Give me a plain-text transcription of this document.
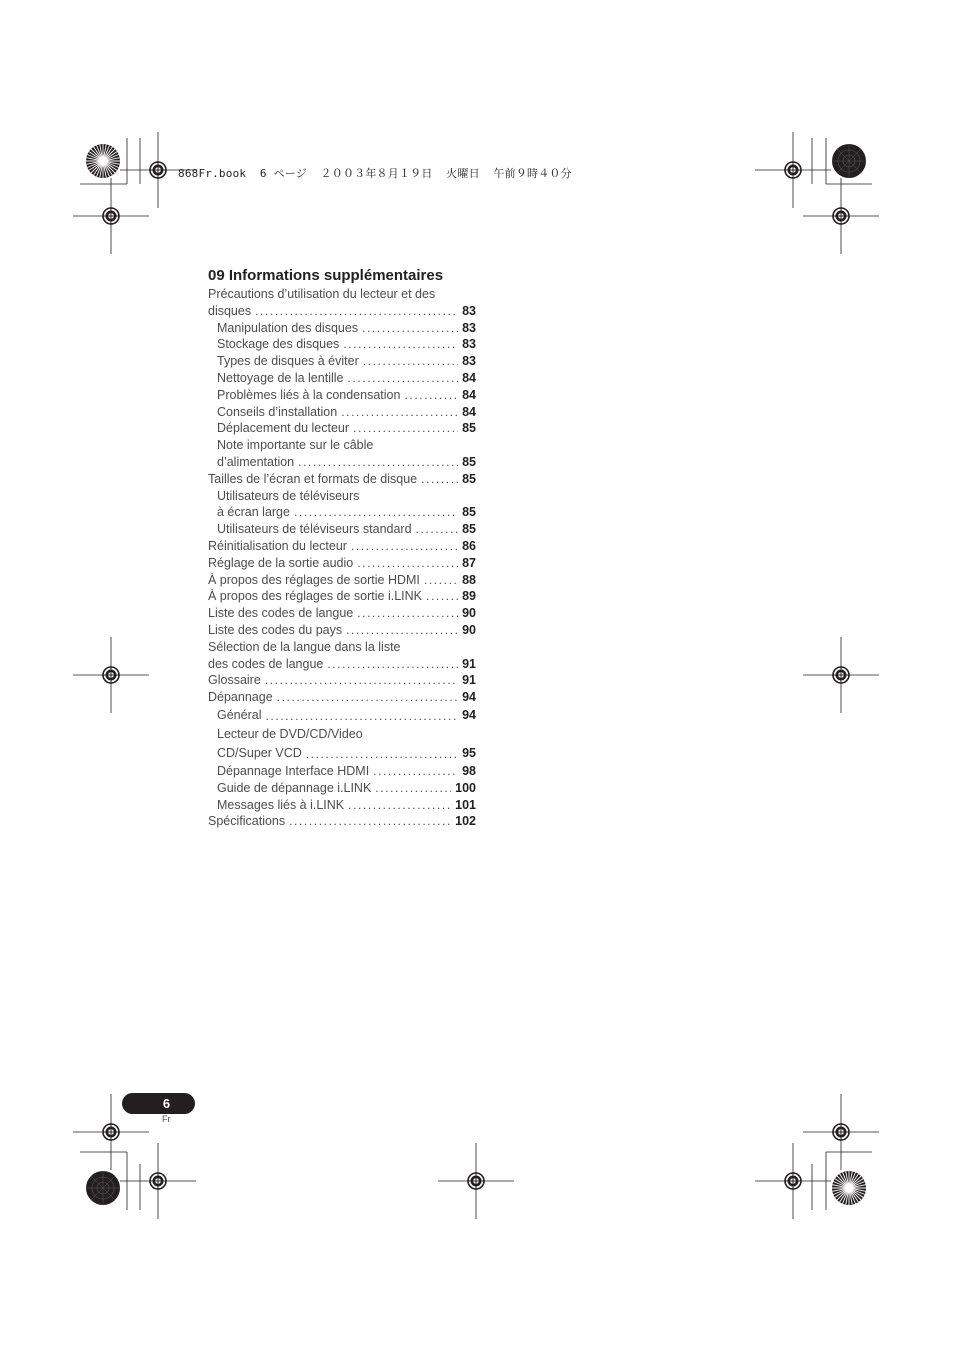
868Fr.book  6 ページ  ２００３年８月１９日  火曜日  午前９時４０分
09 Informations supplémentaires
Précautions d’utilisation du lecteur et des
disques .....	83
Manipulation des disques .....	83
Stockage des disques .....	83
Types de disques à éviter .....	83
Nettoyage de la lentille .....	84
Problèmes liés à la condensation .....	84
Conseils d’installation .....	84
Déplacement du lecteur .....	85
Note importante sur le câble
d’alimentation .....	85
Tailles de l’écran et formats de disque .....	85
Utilisateurs de téléviseurs
à écran large .....	85
Utilisateurs de téléviseurs standard .....	85
Réinitialisation du lecteur .....	86
Réglage de la sortie audio .....	87
À propos des réglages de sortie HDMI .....	88
À propos des réglages de sortie i.LINK .....	89
Liste des codes de langue .....	90
Liste des codes du pays .....	90
Sélection de la langue dans la liste
des codes de langue .....	91
Glossaire .....	91
Dépannage .....	94
Général .....	94
Lecteur de DVD/CD/Video
CD/Super VCD .....	95
Dépannage Interface HDMI .....	98
Guide de dépannage i.LINK .....	100
Messages liés à i.LINK .....	101
Spécifications .....	102
6
Fr
